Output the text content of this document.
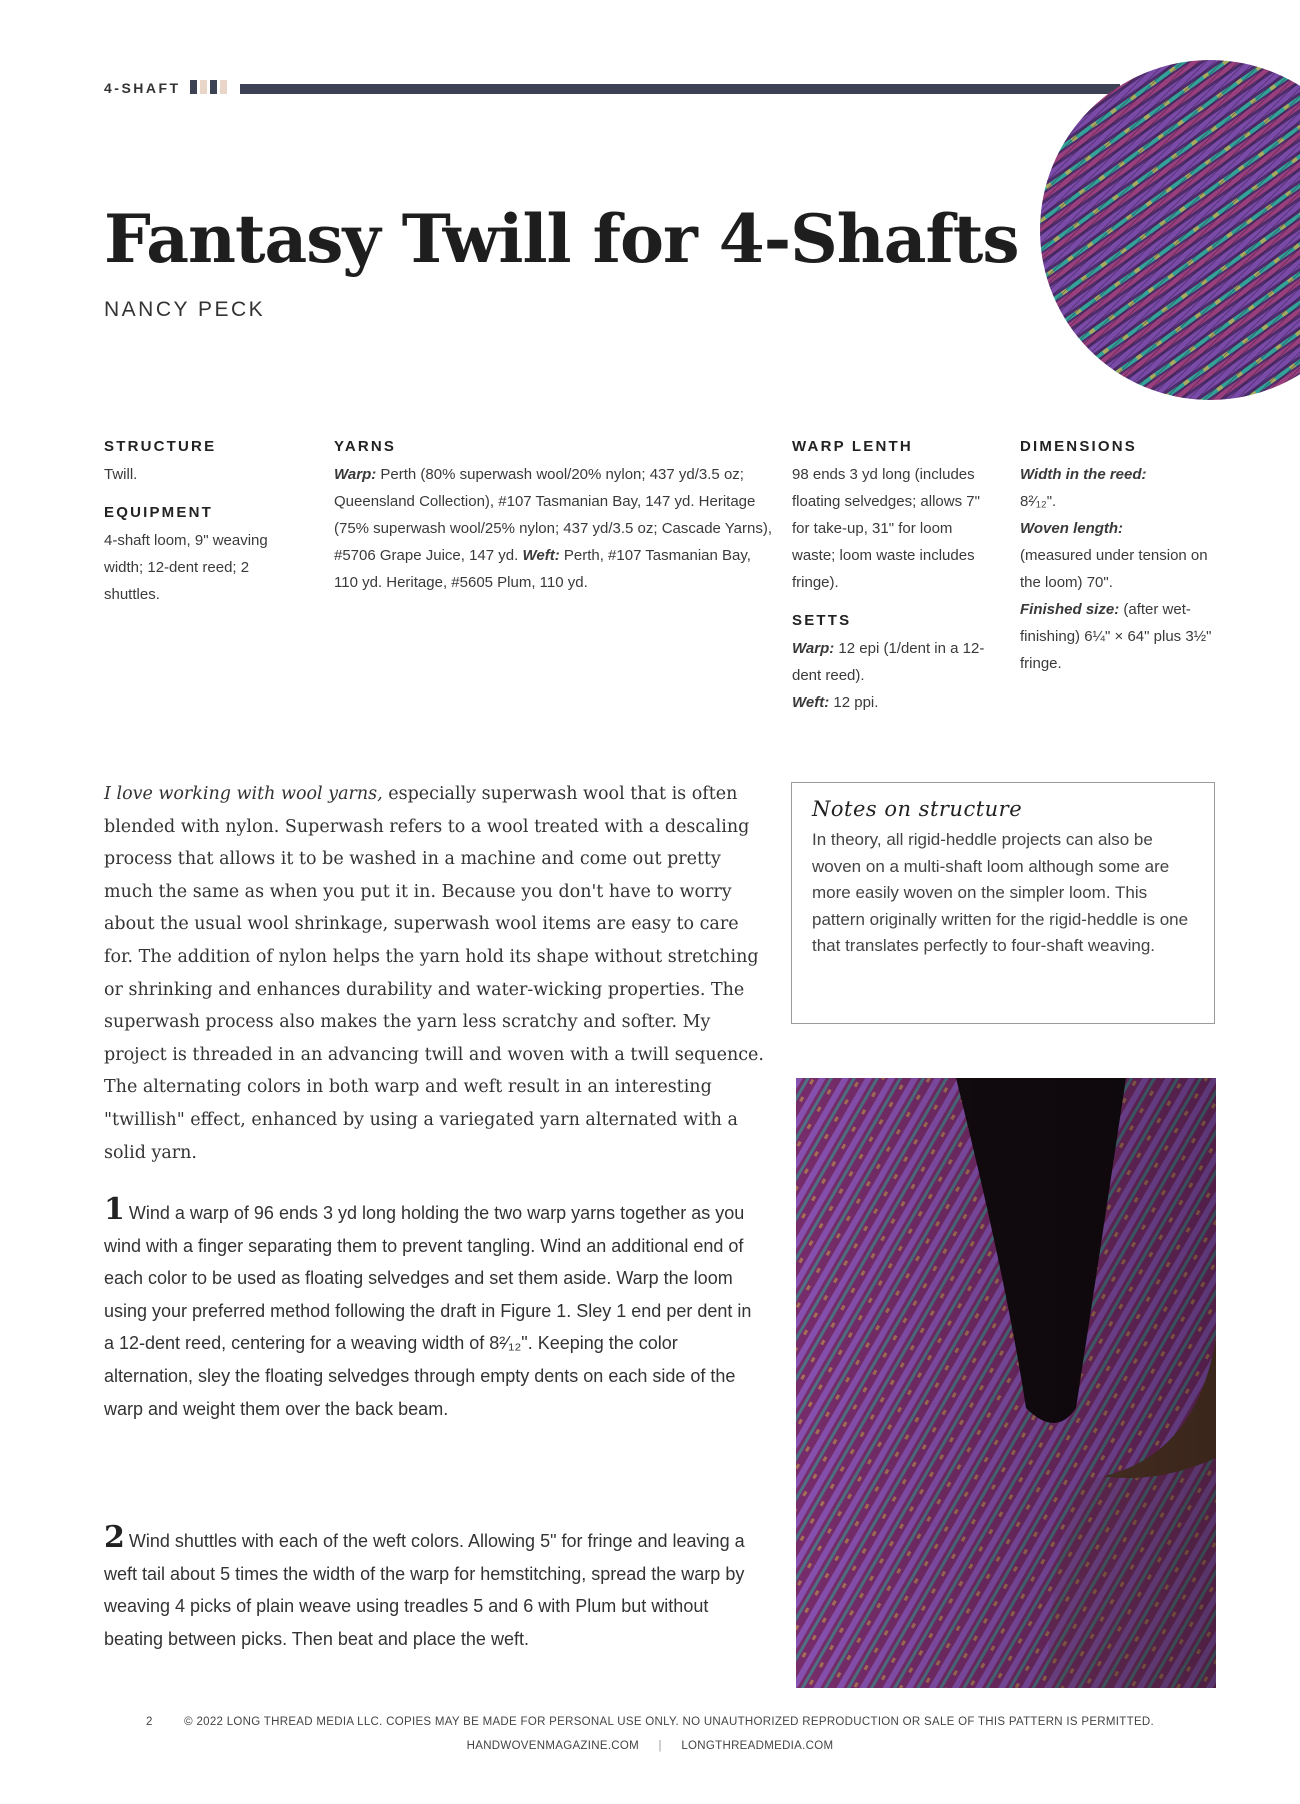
4-SHAFT
Fantasy Twill for 4-Shafts
NANCY PECK
STRUCTURE
Twill.
EQUIPMENT
4-shaft loom, 9" weaving width; 12-dent reed; 2 shuttles.
YARNS
Warp: Perth (80% superwash wool/20% nylon; 437 yd/3.5 oz; Queensland Collection), #107 Tasmanian Bay, 147 yd. Heritage (75% superwash wool/25% nylon; 437 yd/3.5 oz; Cascade Yarns), #5706 Grape Juice, 147 yd. Weft: Perth, #107 Tasmanian Bay, 110 yd. Heritage, #5605 Plum, 110 yd.
WARP LENTH
98 ends 3 yd long (includes floating selvedges; allows 7" for take-up, 31" for loom waste; loom waste includes fringe).
SETTS
Warp: 12 epi (1/dent in a 12-dent reed).
Weft: 12 ppi.
DIMENSIONS
Width in the reed:
8²⁄₁₂".
Woven length:
(measured under tension on the loom) 70".
Finished size: (after wet-finishing) 6¼" × 64" plus 3½" fringe.
I love working with wool yarns, especially superwash wool that is often blended with nylon. Superwash refers to a wool treated with a descaling process that allows it to be washed in a machine and come out pretty much the same as when you put it in. Because you don't have to worry about the usual wool shrinkage, superwash wool items are easy to care for. The addition of nylon helps the yarn hold its shape without stretching or shrinking and enhances durability and water-wicking properties. The superwash process also makes the yarn less scratchy and softer. My project is threaded in an advancing twill and woven with a twill sequence. The alternating colors in both warp and weft result in an interesting "twillish" effect, enhanced by using a variegated yarn alternated with a solid yarn.
Notes on structure
In theory, all rigid-heddle projects can also be woven on a multi-shaft loom although some are more easily woven on the simpler loom. This pattern originally written for the rigid-heddle is one that translates perfectly to four-shaft weaving.
1 Wind a warp of 96 ends 3 yd long holding the two warp yarns together as you wind with a finger separating them to prevent tangling. Wind an additional end of each color to be used as floating selvedges and set them aside. Warp the loom using your preferred method following the draft in Figure 1. Sley 1 end per dent in a 12-dent reed, centering for a weaving width of 8²⁄₁₂". Keeping the color alternation, sley the floating selvedges through empty dents on each side of the warp and weight them over the back beam.
2 Wind shuttles with each of the weft colors. Allowing 5" for fringe and leaving a weft tail about 5 times the width of the warp for hemstitching, spread the warp by weaving 4 picks of plain weave using treadles 5 and 6 with Plum but without beating between picks. Then beat and place the weft.
2	© 2022 LONG THREAD MEDIA LLC. COPIES MAY BE MADE FOR PERSONAL USE ONLY. NO UNAUTHORIZED REPRODUCTION OR SALE OF THIS PATTERN IS PERMITTED.
HANDWOVENMAGAZINE.COM | LONGTHREADMEDIA.COM
